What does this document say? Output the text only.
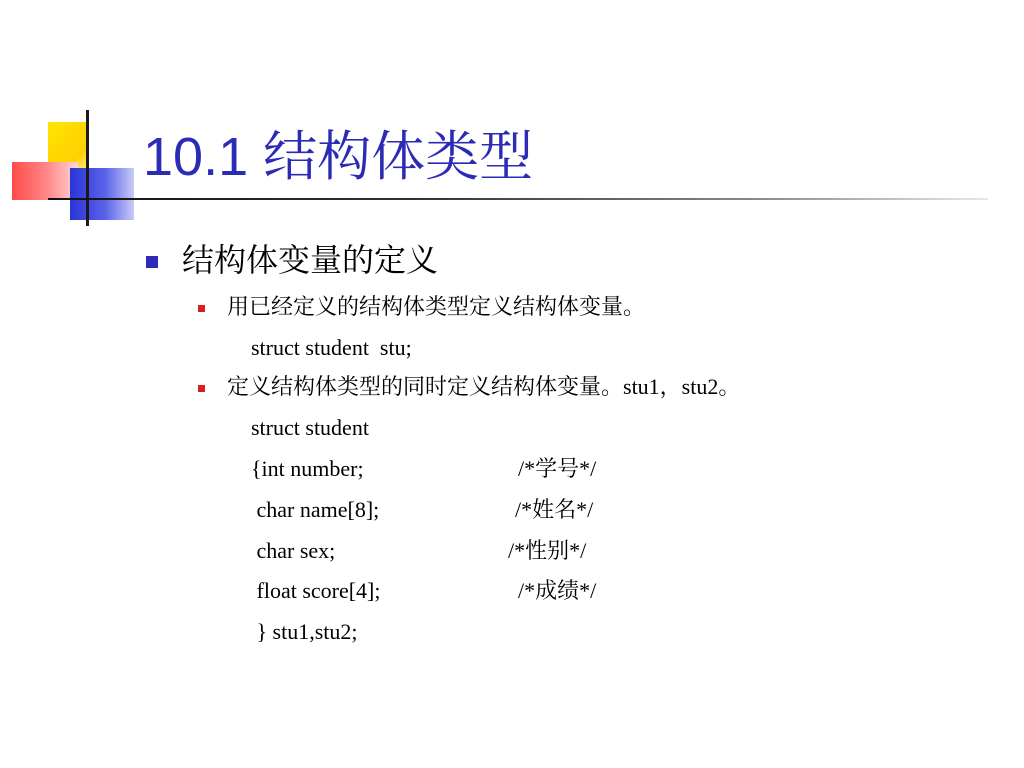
10.1 结构体类型
结构体变量的定义
用已经定义的结构体类型定义结构体变量。
struct student  stu;
定义结构体类型的同时定义结构体变量。stu1，stu2。
struct student
{int number;	/*学号*/
char name[8];	/*姓名*/
char sex;	/*性别*/
float score[4];	/*成绩*/
} stu1,stu2;
